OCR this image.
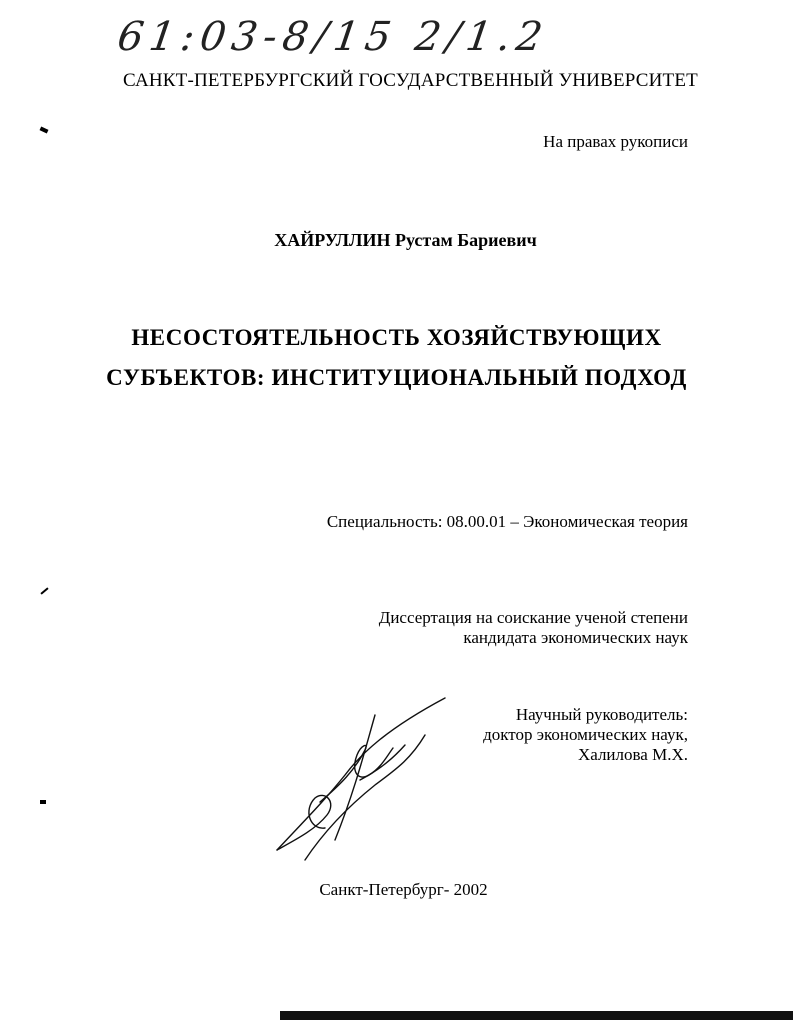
61:03-8/15 2/1.2
САНКТ-ПЕТЕРБУРГСКИЙ ГОСУДАРСТВЕННЫЙ УНИВЕРСИТЕТ
На правах рукописи
ХАЙРУЛЛИН Рустам Бариевич
НЕСОСТОЯТЕЛЬНОСТЬ ХОЗЯЙСТВУЮЩИХ
СУБЪЕКТОВ: ИНСТИТУЦИОНАЛЬНЫЙ ПОДХОД
Специальность: 08.00.01 – Экономическая теория
Диссертация на соискание ученой степени
кандидата экономических наук
Научный руководитель:
доктор экономических наук,
Халилова М.Х.
Санкт-Петербург- 2002
